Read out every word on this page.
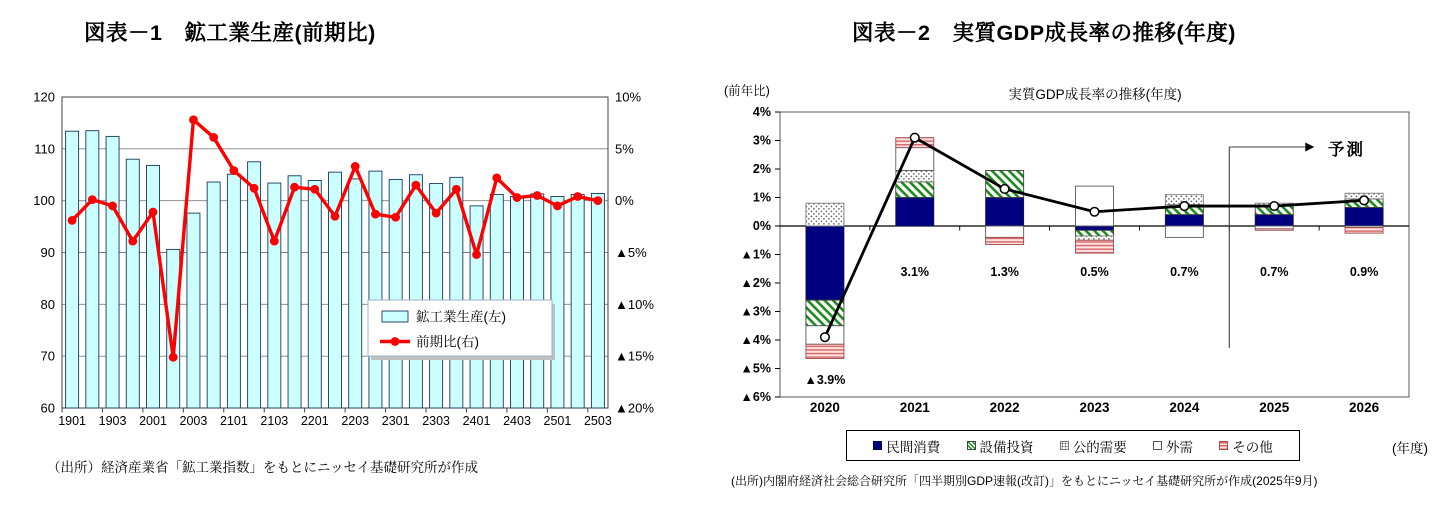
120
110
100
90
80
70
60
10%
5%
0%
▲5%
▲10%
▲15%
▲20%
1901 1903 2001 2003 2101 2103 2201 2203 2301 2303 2401 2403 2501 2503
鉱工業生産(左)
前期比(右)
4%
3%
2%
1%
0%
▲1%
▲2%
▲3%
▲4%
▲5%
▲6%
▲3.9%
3.1%	1.3%	0.5%	0.7%	0.7%	0.9%
2020	2021	2022	2023	2024	2025	2026
図表－1　鉱工業生産(前期比)	図表－2　実質GDP成長率の推移(年度)
(前年比)	実質GDP成長率の推移(年度)
予測
民間消費	設備投資	公的需要	外需	その他	(年度)
（出所）経済産業省「鉱工業指数」をもとにニッセイ基礎研究所が作成
(出所)内閣府経済社会総合研究所「四半期別GDP速報(改訂)」をもとにニッセイ基礎研究所が作成(2025年9月)
